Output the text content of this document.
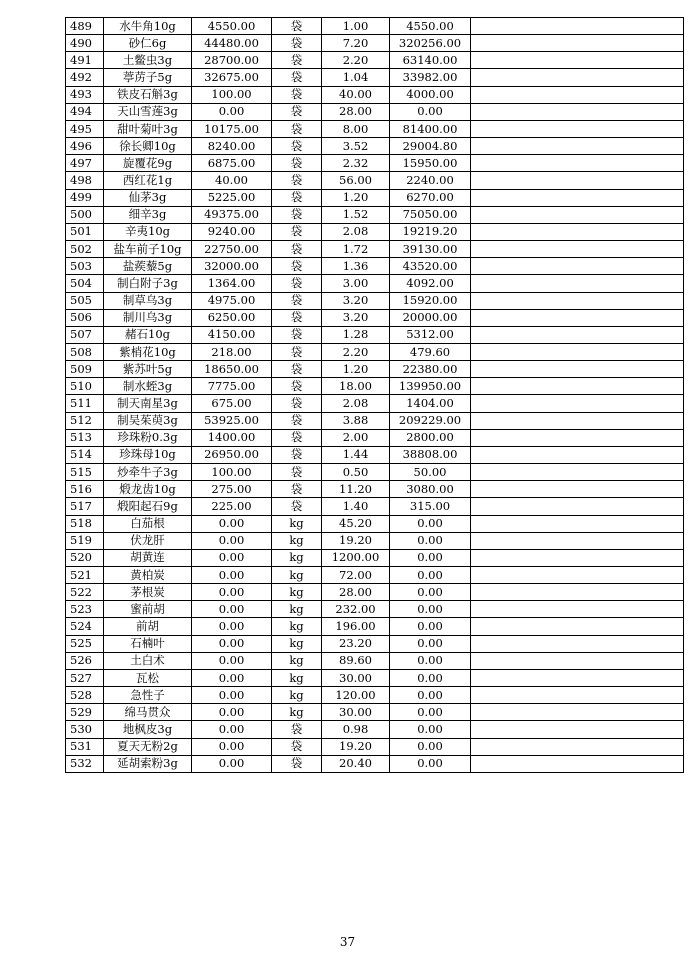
489	水牛角10g	4550.00	袋	1.00	4550.00	
490	砂仁6g	44480.00	袋	7.20	320256.00	
491	土鳖虫3g	28700.00	袋	2.20	63140.00	
492	葶苈子5g	32675.00	袋	1.04	33982.00	
493	铁皮石斛3g	100.00	袋	40.00	4000.00	
494	天山雪莲3g	0.00	袋	28.00	0.00	
495	甜叶菊叶3g	10175.00	袋	8.00	81400.00	
496	徐长卿10g	8240.00	袋	3.52	29004.80	
497	旋覆花9g	6875.00	袋	2.32	15950.00	
498	西红花1g	40.00	袋	56.00	2240.00	
499	仙茅3g	5225.00	袋	1.20	6270.00	
500	细辛3g	49375.00	袋	1.52	75050.00	
501	辛夷10g	9240.00	袋	2.08	19219.20	
502	盐车前子10g	22750.00	袋	1.72	39130.00	
503	盐蒺藜5g	32000.00	袋	1.36	43520.00	
504	制白附子3g	1364.00	袋	3.00	4092.00	
505	制草乌3g	4975.00	袋	3.20	15920.00	
506	制川乌3g	6250.00	袋	3.20	20000.00	
507	赭石10g	4150.00	袋	1.28	5312.00	
508	紫梢花10g	218.00	袋	2.20	479.60	
509	紫苏叶5g	18650.00	袋	1.20	22380.00	
510	制水蛭3g	7775.00	袋	18.00	139950.00	
511	制天南星3g	675.00	袋	2.08	1404.00	
512	制吴茱萸3g	53925.00	袋	3.88	209229.00	
513	珍珠粉0.3g	1400.00	袋	2.00	2800.00	
514	珍珠母10g	26950.00	袋	1.44	38808.00	
515	炒牵牛子3g	100.00	袋	0.50	50.00	
516	煅龙齿10g	275.00	袋	11.20	3080.00	
517	煅阳起石9g	225.00	袋	1.40	315.00	
518	白茄根	0.00	kg	45.20	0.00	
519	伏龙肝	0.00	kg	19.20	0.00	
520	胡黄连	0.00	kg	1200.00	0.00	
521	黄柏炭	0.00	kg	72.00	0.00	
522	茅根炭	0.00	kg	28.00	0.00	
523	蜜前胡	0.00	kg	232.00	0.00	
524	前胡	0.00	kg	196.00	0.00	
525	石楠叶	0.00	kg	23.20	0.00	
526	土白术	0.00	kg	89.60	0.00	
527	瓦松	0.00	kg	30.00	0.00	
528	急性子	0.00	kg	120.00	0.00	
529	绵马贯众	0.00	kg	30.00	0.00	
530	地枫皮3g	0.00	袋	0.98	0.00	
531	夏天无粉2g	0.00	袋	19.20	0.00	
532	延胡索粉3g	0.00	袋	20.40	0.00	
37
